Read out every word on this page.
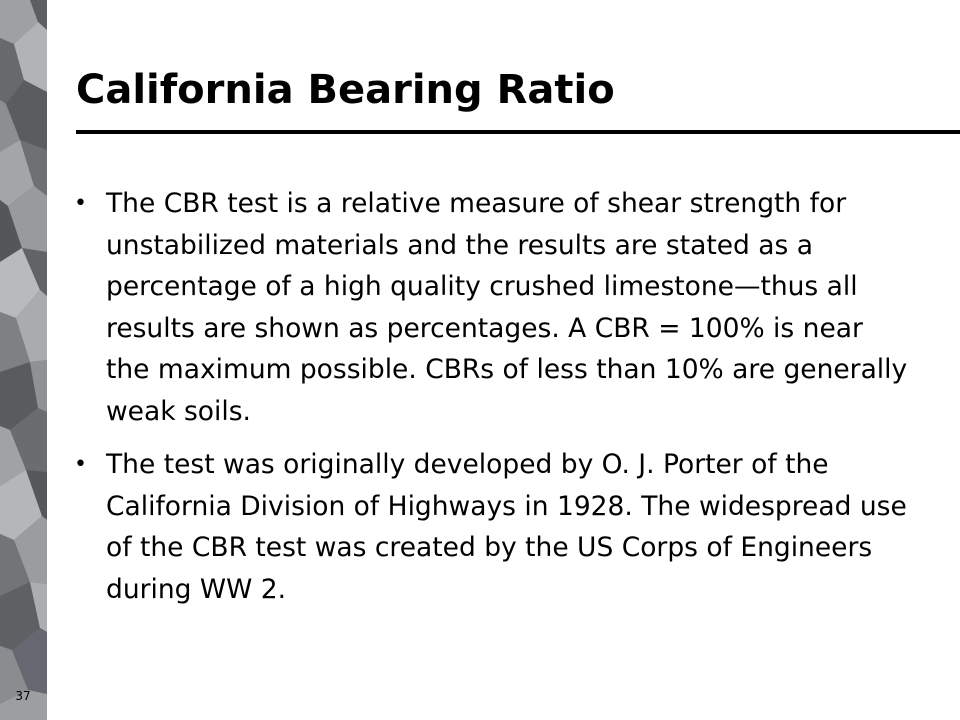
37
California Bearing Ratio
• The CBR test is a relative measure of shear strength for unstabilized materials and the results are stated as a percentage of a high quality crushed limestone—thus all results are shown as percentages. A CBR = 100% is near the maximum possible. CBRs of less than 10% are generally weak soils.
• The test was originally developed by O. J. Porter of the California Division of Highways in 1928. The widespread use of the CBR test was created by the US Corps of Engineers during WW 2.
